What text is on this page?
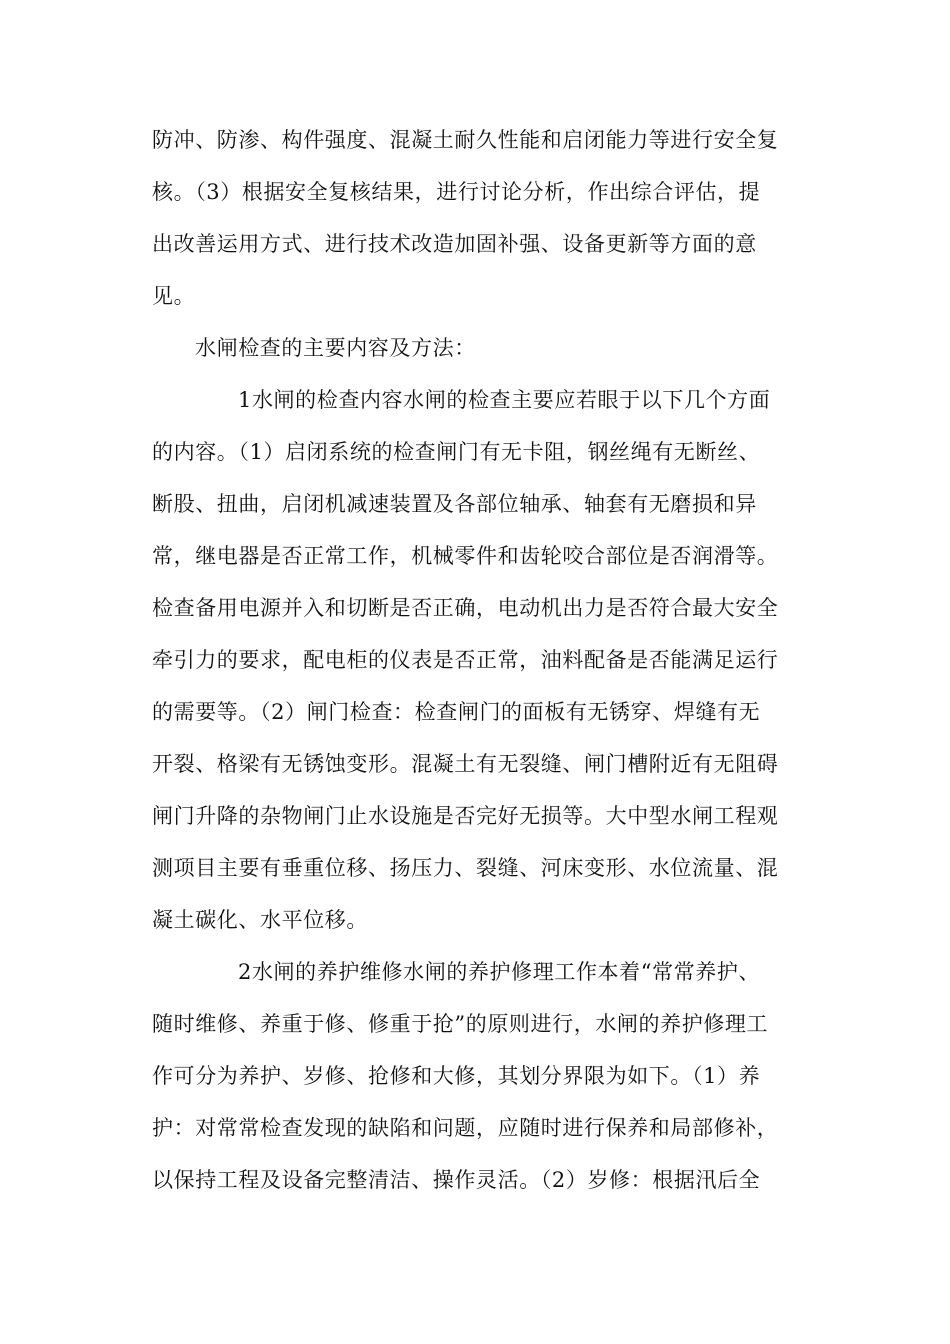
防冲、防渗、构件强度、混凝土耐久性能和启闭能力等进行安全复
核。（3）根据安全复核结果，进行讨论分析，作出综合评估，提
出改善运用方式、进行技术改造加固补强、设备更新等方面的意
见。
水闸检查的主要内容及方法：
1水闸的检查内容水闸的检查主要应若眼于以下几个方面
的内容。（1）启闭系统的检查闸门有无卡阻，钢丝绳有无断丝、
断股、扭曲，启闭机减速装置及各部位轴承、轴套有无磨损和异
常，继电器是否正常工作，机械零件和齿轮咬合部位是否润滑等。
检查备用电源并入和切断是否正确，电动机出力是否符合最大安全
牵引力的要求，配电柜的仪表是否正常，油料配备是否能满足运行
的需要等。（2）闸门检查：检查闸门的面板有无锈穿、焊缝有无
开裂、格梁有无锈蚀变形。混凝土有无裂缝、闸门槽附近有无阻碍
闸门升降的杂物闸门止水设施是否完好无损等。大中型水闸工程观
测项目主要有垂重位移、扬压力、裂缝、河床变形、水位流量、混
凝土碳化、水平位移。
2水闸的养护维修水闸的养护修理工作本着“常常养护、
随时维修、养重于修、修重于抢”的原则进行，水闸的养护修理工
作可分为养护、岁修、抢修和大修，其划分界限为如下。（1）养
护：对常常检查发现的缺陷和问题，应随时进行保养和局部修补，
以保持工程及设备完整清洁、操作灵活。（2）岁修：根据汛后全
